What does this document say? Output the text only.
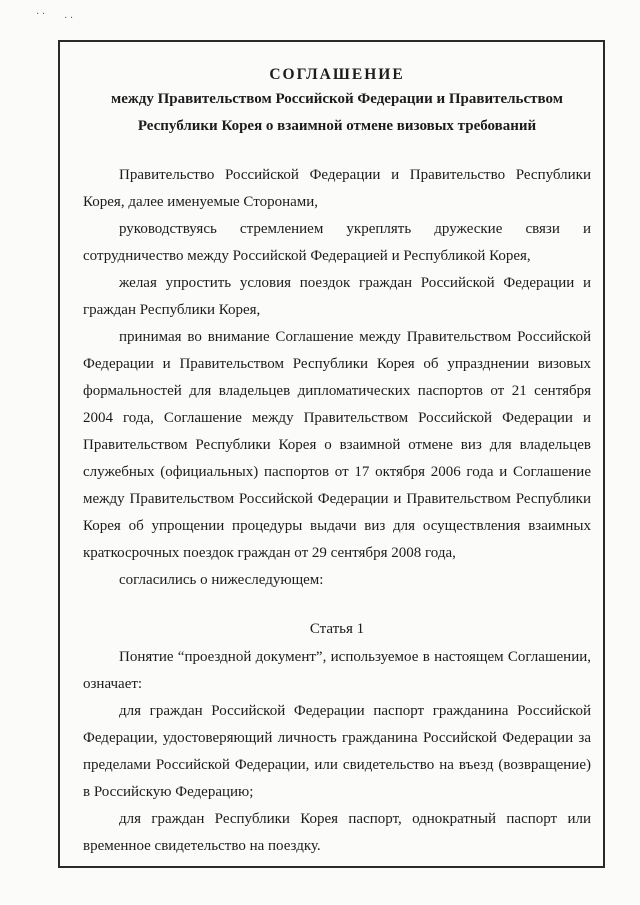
· · · ·
СОГЛАШЕНИЕ
между Правительством Российской Федерации и Правительством
Республики Корея о взаимной отмене визовых требований

Правительство Российской Федерации и Правительство Республики Корея, далее именуемые Сторонами,

руководствуясь стремлением укреплять дружеские связи и сотрудничество между Российской Федерацией и Республикой Корея,

желая упростить условия поездок граждан Российской Федерации и граждан Республики Корея,

принимая во внимание Соглашение между Правительством Российской Федерации и Правительством Республики Корея об упразднении визовых формальностей для владельцев дипломатических паспортов от 21 сентября 2004 года, Соглашение между Правительством Российской Федерации и Правительством Республики Корея о взаимной отмене виз для владельцев служебных (официальных) паспортов от 17 октября 2006 года и Соглашение между Правительством Российской Федерации и Правительством Республики Корея об упрощении процедуры выдачи виз для осуществления взаимных краткосрочных поездок граждан от 29 сентября 2008 года,

согласились о нижеследующем:

Статья 1

Понятие “проездной документ”, используемое в настоящем Соглашении, означает:

для граждан Российской Федерации паспорт гражданина Российской Федерации, удостоверяющий личность гражданина Российской Федерации за пределами Российской Федерации, или свидетельство на въезд (возвращение) в Российскую Федерацию;

для граждан Республики Корея паспорт, однократный паспорт или временное свидетельство на поездку.
